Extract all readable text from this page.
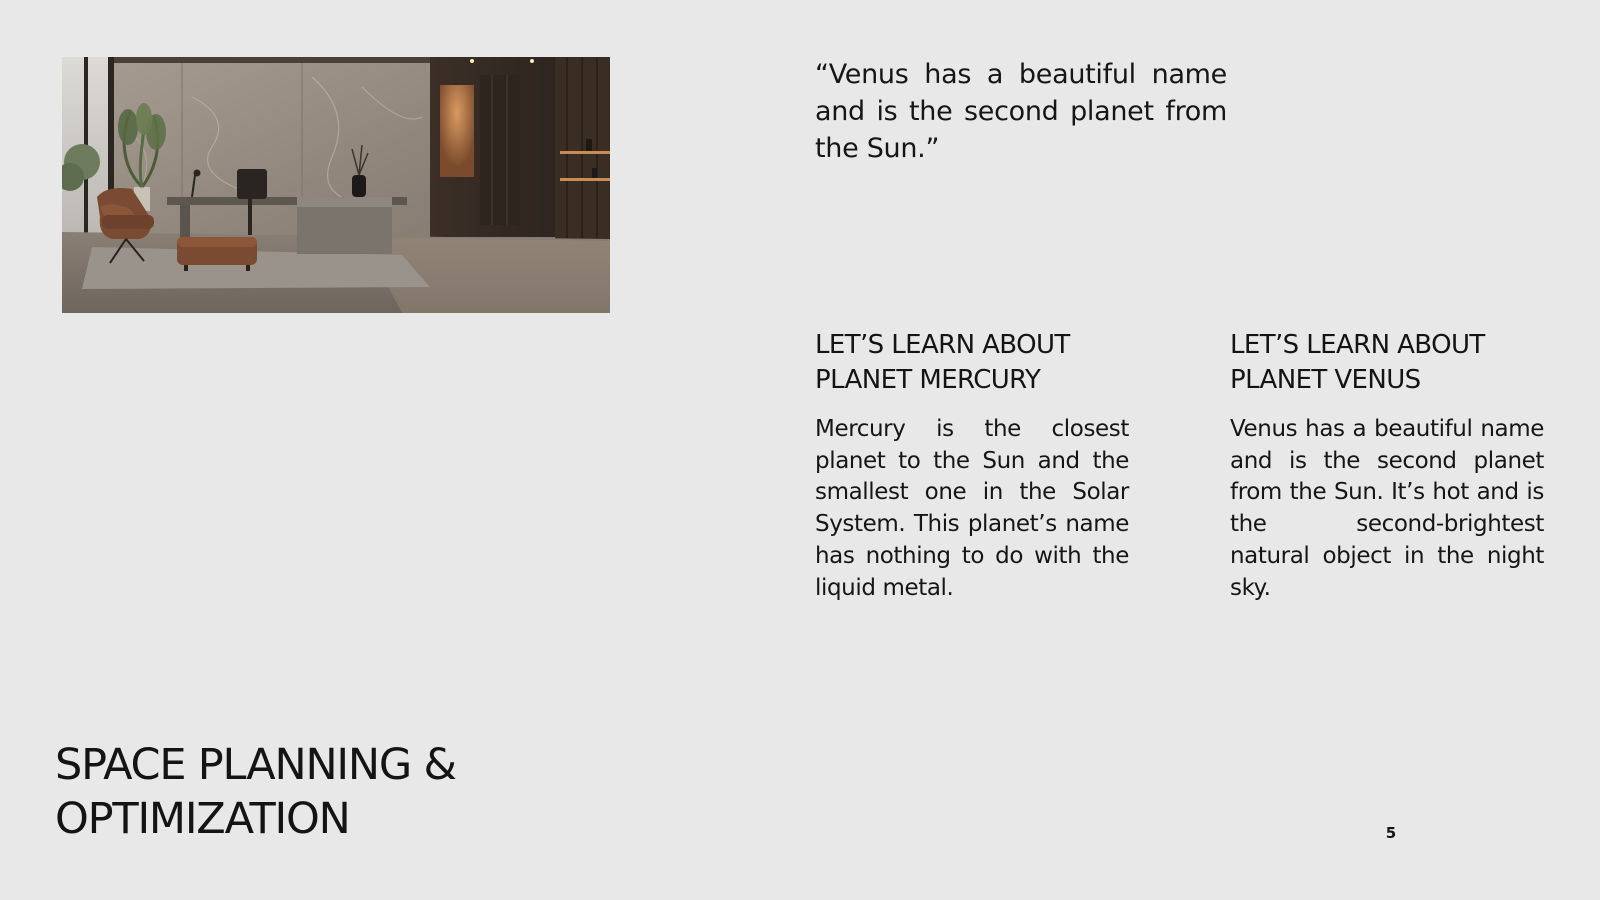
“Venus has a beautiful name and is the second planet from the Sun.”

LET’S LEARN ABOUT
PLANET MERCURY

Mercury is the closest planet to the Sun and the smallest one in the Solar System. This planet’s name has nothing to do with the liquid metal.

LET’S LEARN ABOUT
PLANET VENUS

Venus has a beautiful name and is the second planet from the Sun. It’s hot and is the second-brightest natural object in the night sky.

SPACE PLANNING &
OPTIMIZATION	5
